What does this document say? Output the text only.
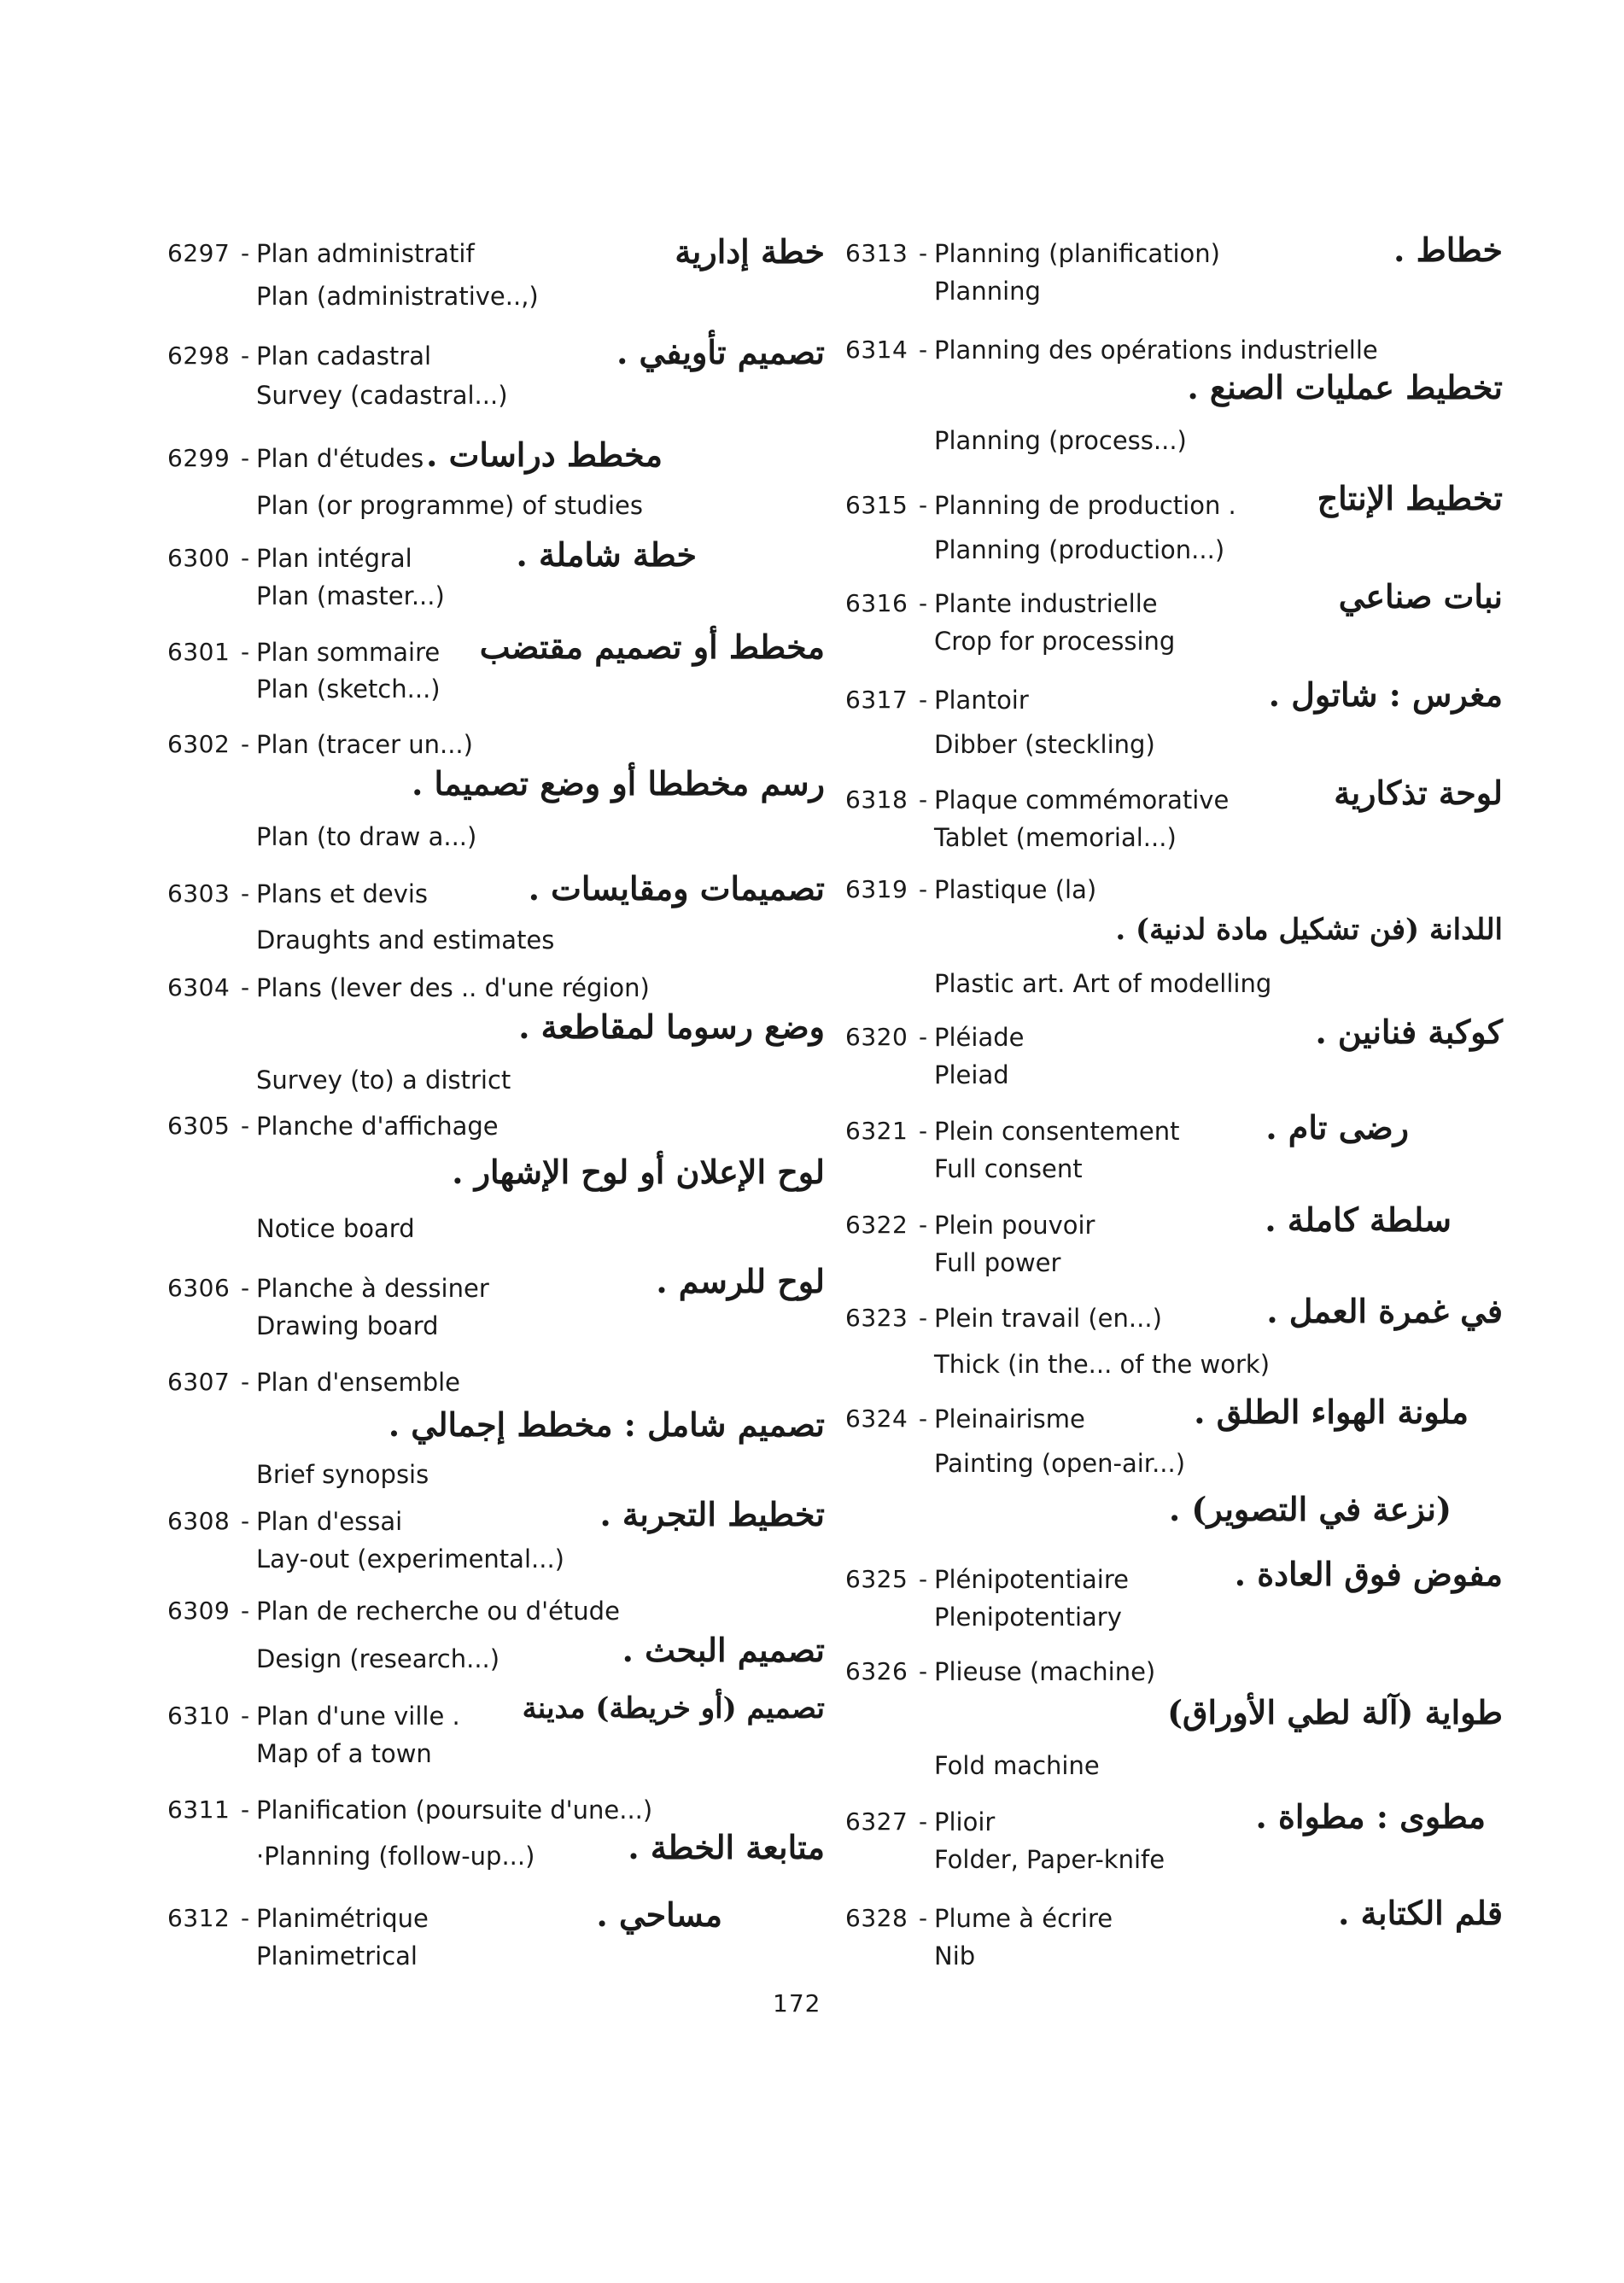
6297 - Plan administratif	خطة إدارية
Plan (administrative..,)
6298 - Plan cadastral	تصميم تأويفي .
Survey (cadastral...)
6299 - Plan d'études مخطط دراسات .
Plan (or programme) of studies
6300 - Plan intégral	خطة شاملة .
Plan (master...)
6301 - Plan sommaire مخطط أو تصميم مقتضب
Plan (sketch...)
6302 - Plan (tracer un...)
رسم مخططا أو وضع تصميما .
Plan (to draw a...)
6303 - Plans et devis	تصميمات ومقايسات .
Draughts and estimates
6304 - Plans (lever des .. d'une région)
وضع رسوما لمقاطعة .
Survey (to) a district
6305 - Planche d'affichage
لوح الإعلان أو لوح الإشهار .
Notice board
6306 - Planche à dessiner	لوح للرسم .
Drawing board
6307 - Plan d'ensemble
تصميم شامل : مخطط إجمالي .
Brief synopsis
6308 - Plan d'essai	تخطيط التجربة .
Lay-out (experimental...)
6309 - Plan de recherche ou d'étude
تصميم البحث .
Design (research...)
6310 - Plan d'une ville . تصميم (أو خريطة) مدينة
Map of a town
6311 - Planification (poursuite d'une...)
متابعة الخطة .
·Planning (follow-up...)
6312 - Planimétrique	مساحي .
Planimetrical
6313 - Planning (planification)	خطاط .
Planning
6314 - Planning des opérations industrielle
تخطيط عمليات الصنع .
Planning (process...)
6315 - Planning de production . تخطيط الإنتاج
Planning (production...)
6316 - Plante industrielle	نبات صناعي
Crop for processing
6317 - Plantoir	مغرس : شاتول .
Dibber (steckling)
6318 - Plaque commémorative	لوحة تذكارية
Tablet (memorial...)
6319 - Plastique (la)
اللدانة (فن تشكيل مادة لدنية) .
Plastic art. Art of modelling
6320 - Pléiade	كوكبة فنانين .
Pleiad
6321 - Plein consentement	رضى تام .
Full consent
6322 - Plein pouvoir	سلطة كاملة .
Full power
6323 - Plein travail (en...)	في غمرة العمل .
Thick (in the... of the work)
6324 - Pleinairisme	ملونة الهواء الطلق .
Painting (open-air...)
(نزعة في التصوير) .
6325 - Plénipotentiaire	مفوض فوق العادة .
Plenipotentiary
6326 - Plieuse (machine)
طواية (آلة لطي الأوراق)
Fold machine
6327 - Plioir	مطوى : مطواة .
Folder, Paper-knife
6328 - Plume à écrire	قلم الكتابة .
Nib
172
